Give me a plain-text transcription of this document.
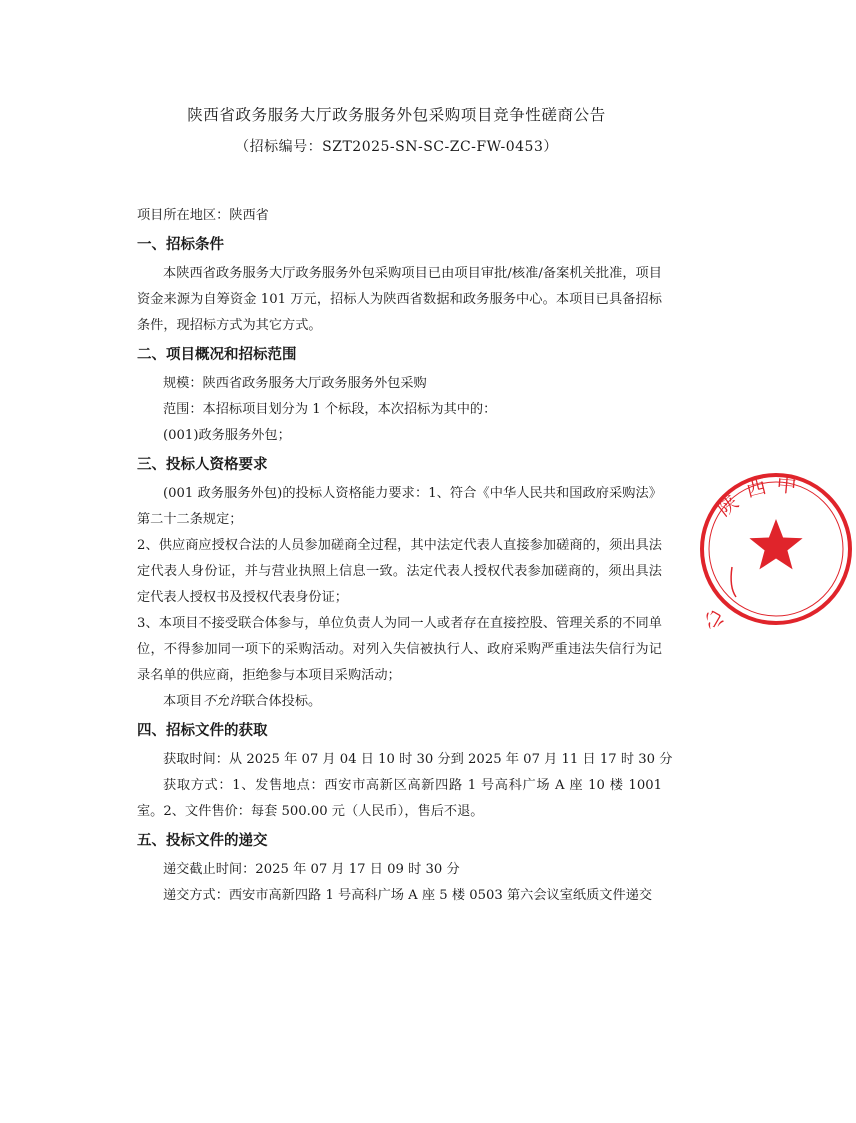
陕西省政务服务大厅政务服务外包采购项目竞争性磋商公告
（招标编号：SZT2025-SN-SC-ZC-FW-0453）
项目所在地区：陕西省
一、招标条件
本陕西省政务服务大厅政务服务外包采购项目已由项目审批/核准/备案机关批准，项目资金来源为自筹资金 101 万元，招标人为陕西省数据和政务服务中心。本项目已具备招标条件，现招标方式为其它方式。
二、项目概况和招标范围
规模：陕西省政务服务大厅政务服务外包采购
范围：本招标项目划分为 1 个标段，本次招标为其中的：
(001)政务服务外包；
三、投标人资格要求
(001 政务服务外包)的投标人资格能力要求：1、符合《中华人民共和国政府采购法》第二十二条规定；
2、供应商应授权合法的人员参加磋商全过程，其中法定代表人直接参加磋商的，须出具法定代表人身份证，并与营业执照上信息一致。法定代表人授权代表参加磋商的，须出具法定代表人授权书及授权代表身份证；
3、本项目不接受联合体参与，单位负责人为同一人或者存在直接控股、管理关系的不同单位，不得参加同一项下的采购活动。对列入失信被执行人、政府采购严重违法失信行为记录名单的供应商，拒绝参与本项目采购活动；
本项目不允许联合体投标。
四、招标文件的获取
获取时间：从 2025 年 07 月 04 日 10 时 30 分到 2025 年 07 月 11 日 17 时 30 分
获取方式：1、发售地点：西安市高新区高新四路 1 号高科广场 A 座 10 楼 1001 室。2、文件售价：每套 500.00 元（人民币），售后不退。
五、投标文件的递交
递交截止时间：2025 年 07 月 17 日 09 时 30 分
递交方式：西安市高新四路 1 号高科广场 A 座 5 楼 0503 第六会议室纸质文件递交
陕
西 中
心
